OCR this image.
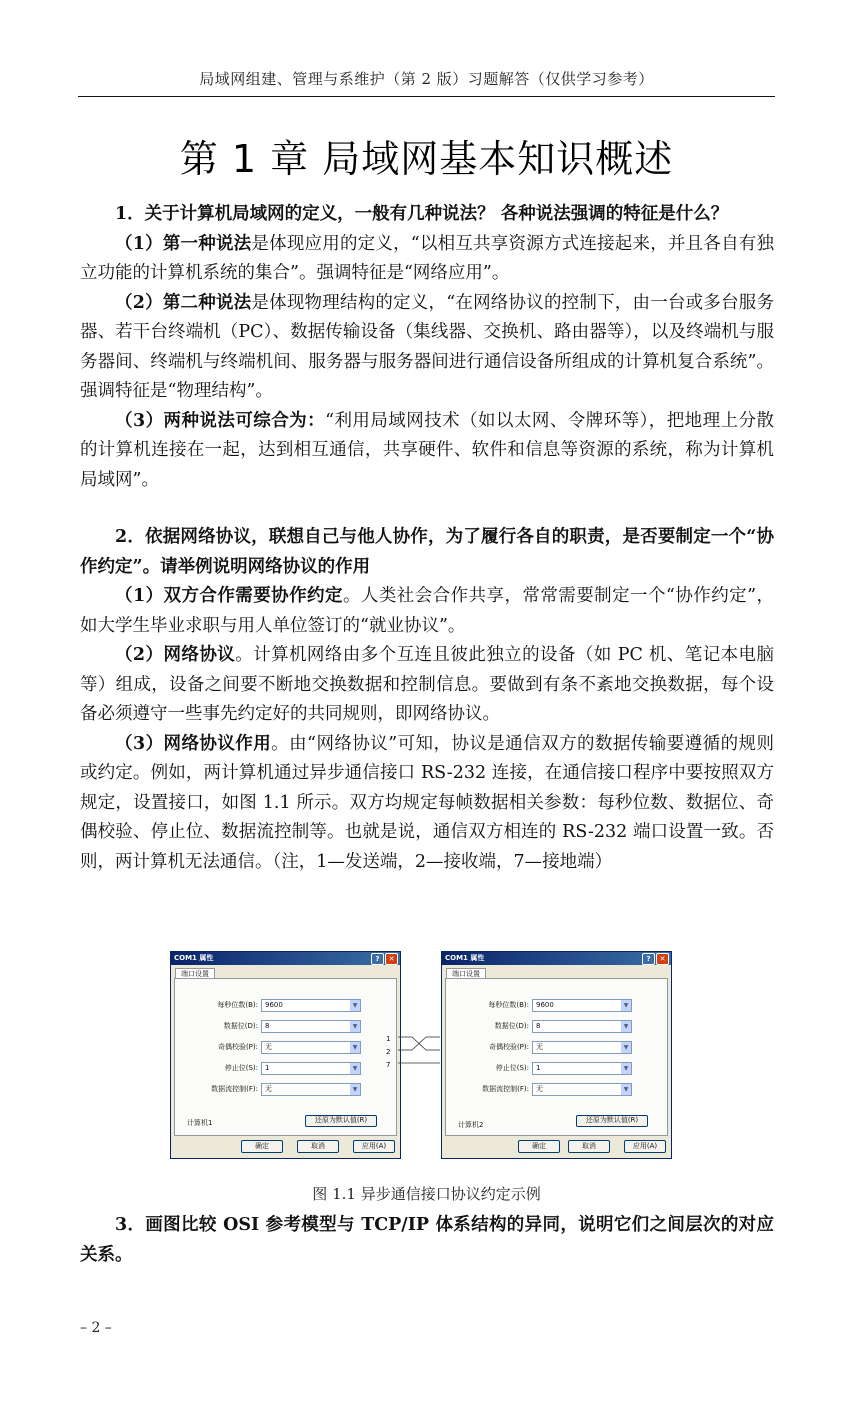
局域网组建、管理与系维护（第 2 版）习题解答（仅供学习参考）
第 1 章 局域网基本知识概述

1．关于计算机局域网的定义，一般有几种说法？ 各种说法强调的特征是什么？

（1）第一种说法是体现应用的定义，“以相互共享资源方式连接起来，并且各自有独立功能的计算机系统的集合”。强调特征是“网络应用”。

（2）第二种说法是体现物理结构的定义，“在网络协议的控制下，由一台或多台服务器、若干台终端机（PC）、数据传输设备（集线器、交换机、路由器等），以及终端机与服务器间、终端机与终端机间、服务器与服务器间进行通信设备所组成的计算机复合系统”。强调特征是“物理结构”。

（3）两种说法可综合为：“利用局域网技术（如以太网、令牌环等），把地理上分散的计算机连接在一起，达到相互通信，共享硬件、软件和信息等资源的系统，称为计算机局域网”。

2．依据网络协议，联想自己与他人协作，为了履行各自的职责，是否要制定一个“协作约定”。请举例说明网络协议的作用

（1）双方合作需要协作约定。人类社会合作共享，常常需要制定一个“协作约定”，如大学生毕业求职与用人单位签订的“就业协议”。

（2）网络协议。计算机网络由多个互连且彼此独立的设备（如 PC 机、笔记本电脑等）组成，设备之间要不断地交换数据和控制信息。要做到有条不紊地交换数据，每个设备必须遵守一些事先约定好的共同规则，即网络协议。

（3）网络协议作用。由“网络协议”可知，协议是通信双方的数据传输要遵循的规则或约定。例如，两计算机通过异步通信接口 RS-232 连接，在通信接口程序中要按照双方规定，设置接口，如图 1.1 所示。双方均规定每帧数据相关参数：每秒位数、数据位、奇偶校验、停止位、数据流控制等。也就是说，通信双方相连的 RS-232 端口设置一致。否则，两计算机无法通信。（注，1—发送端，2—接收端，7—接地端）

COM1 属性	?	✕
端口设置
每秒位数(B): 9600	▼
数据位(D): 8	▼
奇偶校验(P): 无	▼
停止位(S): 1	▼
数据流控制(F): 无	▼
计算机1	还原为默认值(R)
确定	取消	应用(A)
1
2
7
COM1 属性	?	✕
端口设置
每秒位数(B): 9600	▼
数据位(D): 8	▼
奇偶校验(P): 无	▼
停止位(S): 1	▼
数据流控制(F): 无	▼
计算机2
还原为默认值(R)
确定	取消	应用(A)
图 1.1 异步通信接口协议约定示例

3．画图比较 OSI 参考模型与 TCP/IP 体系结构的异同，说明它们之间层次的对应关系。

– 2 –
